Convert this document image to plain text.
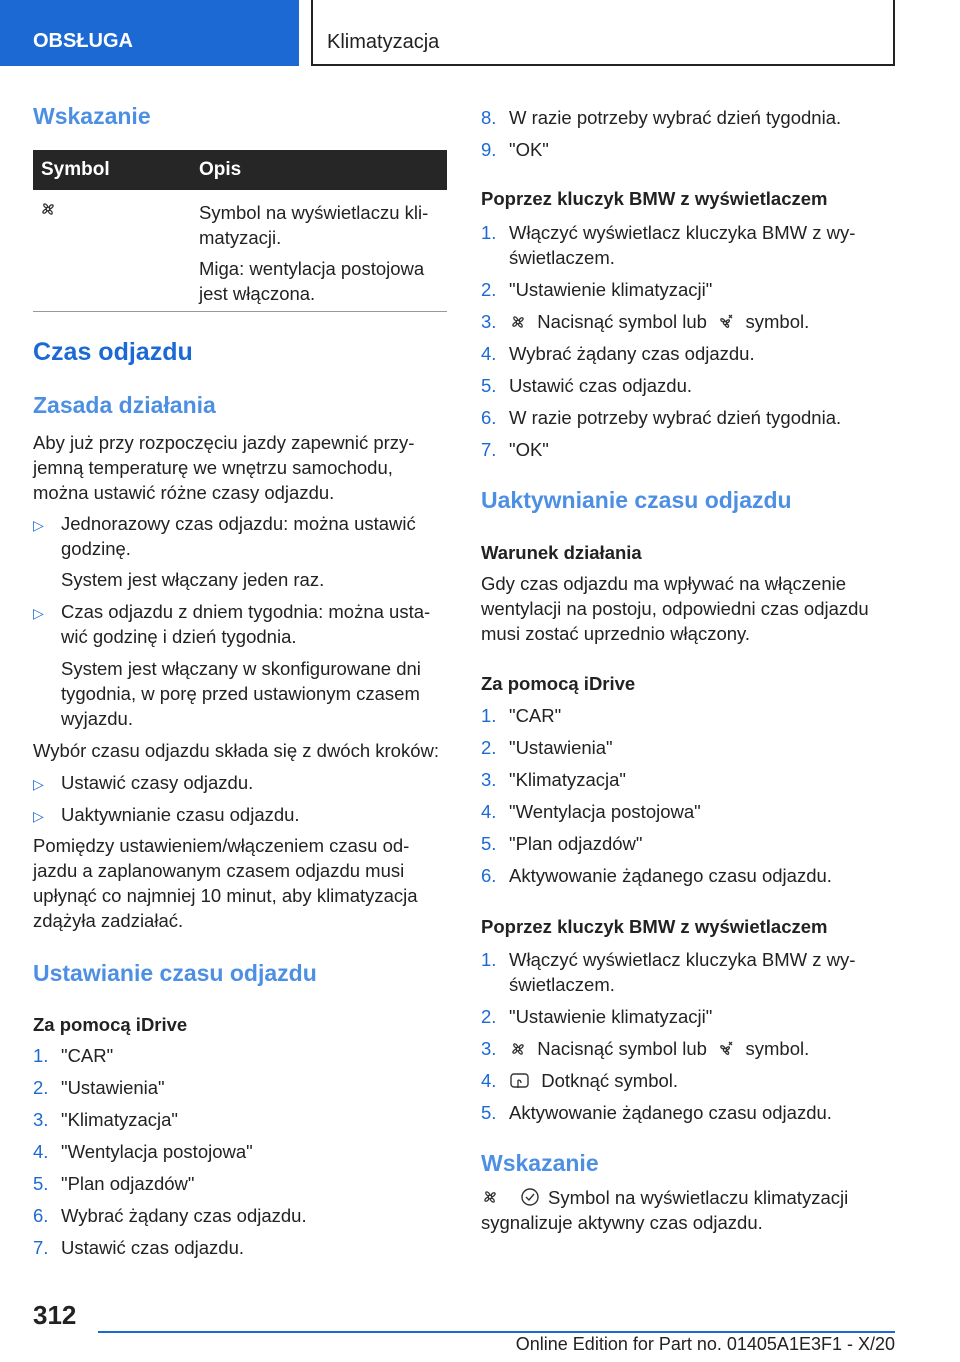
OBSŁUGA	Klimatyzacja
Wskazanie
Symbol	Opis
Symbol na wyświetlaczu kli-
matyzacji.
Miga: wentylacja postojowa
jest włączona.
Czas odjazdu
Zasada działania
Aby już przy rozpoczęciu jazdy zapewnić przy-
jemną temperaturę we wnętrzu samochodu,
można ustawić różne czasy odjazdu.
▷ Jednorazowy czas odjazdu: można ustawić
godzinę.
System jest włączany jeden raz.
▷ Czas odjazdu z dniem tygodnia: można usta-
wić godzinę i dzień tygodnia.
System jest włączany w skonfigurowane dni
tygodnia, w porę przed ustawionym czasem
wyjazdu.
Wybór czasu odjazdu składa się z dwóch kroków:
▷ Ustawić czasy odjazdu.
▷ Uaktywnianie czasu odjazdu.
Pomiędzy ustawieniem/włączeniem czasu od-
jazdu a zaplanowanym czasem odjazdu musi
upłynąć co najmniej 10 minut, aby klimatyzacja
zdążyła zadziałać.
Ustawianie czasu odjazdu
Za pomocą iDrive
1. "CAR"
2. "Ustawienia"
3. "Klimatyzacja"
4. "Wentylacja postojowa"
5. "Plan odjazdów"
6. Wybrać żądany czas odjazdu.
7. Ustawić czas odjazdu.
8. W razie potrzeby wybrać dzień tygodnia.
9. "OK"
Poprzez kluczyk BMW z wyświetlaczem
1. Włączyć wyświetlacz kluczyka BMW z wy-
świetlaczem.
2. "Ustawienie klimatyzacji"
3.	Nacisnąć symbol lub symbol.
4. Wybrać żądany czas odjazdu.
5. Ustawić czas odjazdu.
6. W razie potrzeby wybrać dzień tygodnia.
7. "OK"
Uaktywnianie czasu odjazdu
Warunek działania
Gdy czas odjazdu ma wpływać na włączenie
wentylacji na postoju, odpowiedni czas odjazdu
musi zostać uprzednio włączony.
Za pomocą iDrive
1. "CAR"
2. "Ustawienia"
3. "Klimatyzacja"
4. "Wentylacja postojowa"
5. "Plan odjazdów"
6. Aktywowanie żądanego czasu odjazdu.
Poprzez kluczyk BMW z wyświetlaczem
1. Włączyć wyświetlacz kluczyka BMW z wy-
świetlaczem.
2. "Ustawienie klimatyzacji"
3.	Nacisnąć symbol lub symbol.
4.	Dotknąć symbol.
5. Aktywowanie żądanego czasu odjazdu.
Wskazanie
Symbol na wyświetlaczu klimatyzacji
sygnalizuje aktywny czas odjazdu.
312
Online Edition for Part no. 01405A1E3F1 - X/20
